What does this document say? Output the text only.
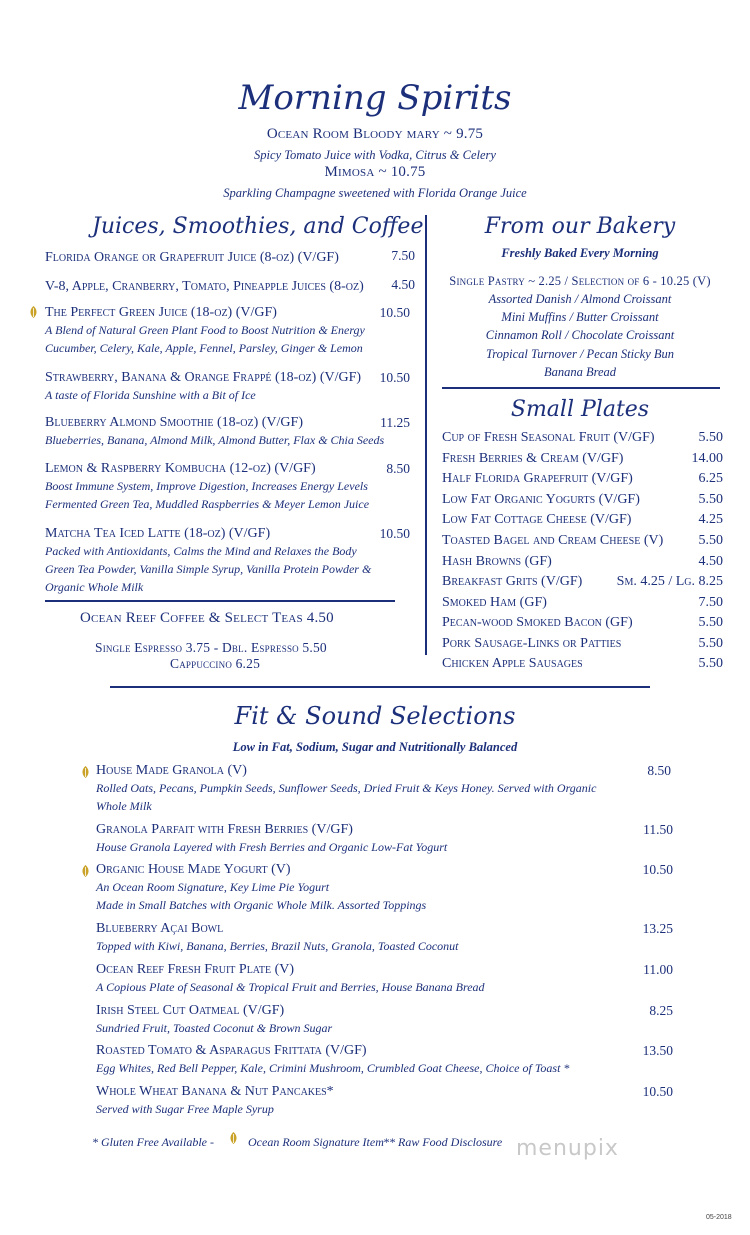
Morning Spirits
Ocean Room Bloody mary ~ 9.75
Spicy Tomato Juice with Vodka, Citrus & Celery
Mimosa ~ 10.75
Sparkling Champagne sweetened with Florida Orange Juice
Juices, Smoothies, and Coffee
Florida Orange or Grapefruit Juice (8-oz) (V/GF)	7.50
V-8, Apple, Cranberry, Tomato, Pineapple Juices (8-oz) 4.50
The Perfect Green Juice (18-oz) (V/GF)	10.50
A Blend of Natural Green Plant Food to Boost Nutrition & Energy
Cucumber, Celery, Kale, Apple, Fennel, Parsley, Ginger & Lemon
Strawberry, Banana & Orange Frappé (18-oz) (V/GF)	10.50
A taste of Florida Sunshine with a Bit of Ice
Blueberry Almond Smoothie (18-oz) (V/GF)	11.25
Blueberries, Banana, Almond Milk, Almond Butter, Flax & Chia Seeds
Lemon & Raspberry Kombucha (12-oz) (V/GF)	8.50
Boost Immune System, Improve Digestion, Increases Energy Levels
Fermented Green Tea, Muddled Raspberries & Meyer Lemon Juice
Matcha Tea Iced Latte (18-oz) (V/GF)	10.50
Packed with Antioxidants, Calms the Mind and Relaxes the Body
Green Tea Powder, Vanilla Simple Syrup, Vanilla Protein Powder &
Organic Whole Milk
Ocean Reef Coffee & Select Teas 4.50
Single Espresso 3.75 - Dbl. Espresso 5.50
Cappuccino 6.25
From our Bakery
Freshly Baked Every Morning
Single Pastry ~ 2.25 / Selection of 6 - 10.25 (V)
Assorted Danish / Almond Croissant
Mini Muffins / Butter Croissant
Cinnamon Roll / Chocolate Croissant
Tropical Turnover / Pecan Sticky Bun
Banana Bread
Small Plates
Cup of Fresh Seasonal Fruit (V/GF)	5.50
Fresh Berries & Cream (V/GF)	14.00
Half Florida Grapefruit (V/GF)	6.25
Low Fat Organic Yogurts (V/GF)	5.50
Low Fat Cottage Cheese (V/GF)	4.25
Toasted Bagel and Cream Cheese (V)	5.50
Hash Browns (GF)	4.50
Breakfast Grits (V/GF) Sm. 4.25 / Lg. 8.25
Smoked Ham (GF)	7.50
Pecan-wood Smoked Bacon (GF)	5.50
Pork Sausage-Links or Patties	5.50
Chicken Apple Sausages	5.50
Fit & Sound Selections
Low in Fat, Sodium, Sugar and Nutritionally Balanced
House Made Granola (V)	8.50
Rolled Oats, Pecans, Pumpkin Seeds, Sunflower Seeds, Dried Fruit & Keys Honey. Served with Organic
Whole Milk
Granola Parfait with Fresh Berries (V/GF)	11.50
House Granola Layered with Fresh Berries and Organic Low-Fat Yogurt
Organic House Made Yogurt (V)	10.50
An Ocean Room Signature, Key Lime Pie Yogurt
Made in Small Batches with Organic Whole Milk. Assorted Toppings
Blueberry Açai Bowl	13.25
Topped with Kiwi, Banana, Berries, Brazil Nuts, Granola, Toasted Coconut
Ocean Reef Fresh Fruit Plate (V)	11.00
A Copious Plate of Seasonal & Tropical Fruit and Berries, House Banana Bread
Irish Steel Cut Oatmeal (V/GF)	8.25
Sundried Fruit, Toasted Coconut & Brown Sugar
Roasted Tomato & Asparagus Frittata (V/GF)	13.50
Egg Whites, Red Bell Pepper, Kale, Crimini Mushroom, Crumbled Goat Cheese, Choice of Toast *
Whole Wheat Banana & Nut Pancakes*	10.50
Served with Sugar Free Maple Syrup
* Gluten Free Available -	Ocean Room Signature Item ** Raw Food Disclosure menupix
05-2018
